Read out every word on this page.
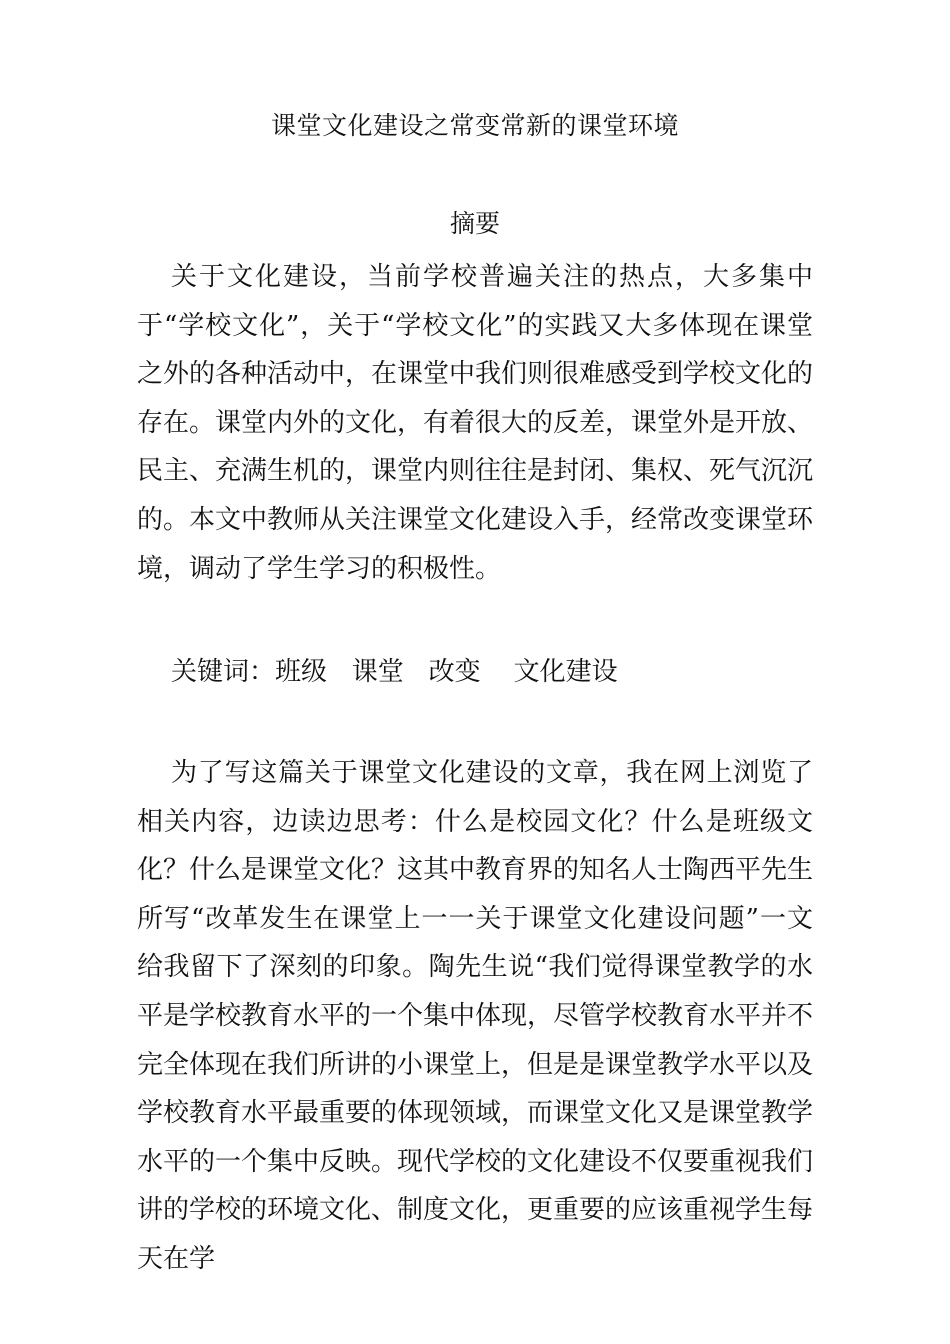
课堂文化建设之常变常新的课堂环境
摘要

关于文化建设，当前学校普遍关注的热点，大多集中于“学校文化”，关于“学校文化”的实践又大多体现在课堂之外的各种活动中，在课堂中我们则很难感受到学校文化的存在。课堂内外的文化，有着很大的反差，课堂外是开放、民主、充满生机的，课堂内则往往是封闭、集权、死气沉沉的。本文中教师从关注课堂文化建设入手，经常改变课堂环境，调动了学生学习的积极性。

关键词：班级   课堂   改变    文化建设

为了写这篇关于课堂文化建设的文章，我在网上浏览了相关内容，边读边思考：什么是校园文化？什么是班级文化？什么是课堂文化？这其中教育界的知名人士陶西平先生所写“改革发生在课堂上一一关于课堂文化建设问题”一文给我留下了深刻的印象。陶先生说“我们觉得课堂教学的水平是学校教育水平的一个集中体现，尽管学校教育水平并不完全体现在我们所讲的小课堂上，但是是课堂教学水平以及学校教育水平最重要的体现领域，而课堂文化又是课堂教学水平的一个集中反映。现代学校的文化建设不仅要重视我们讲的学校的环境文化、制度文化，更重要的应该重视学生每天在学
